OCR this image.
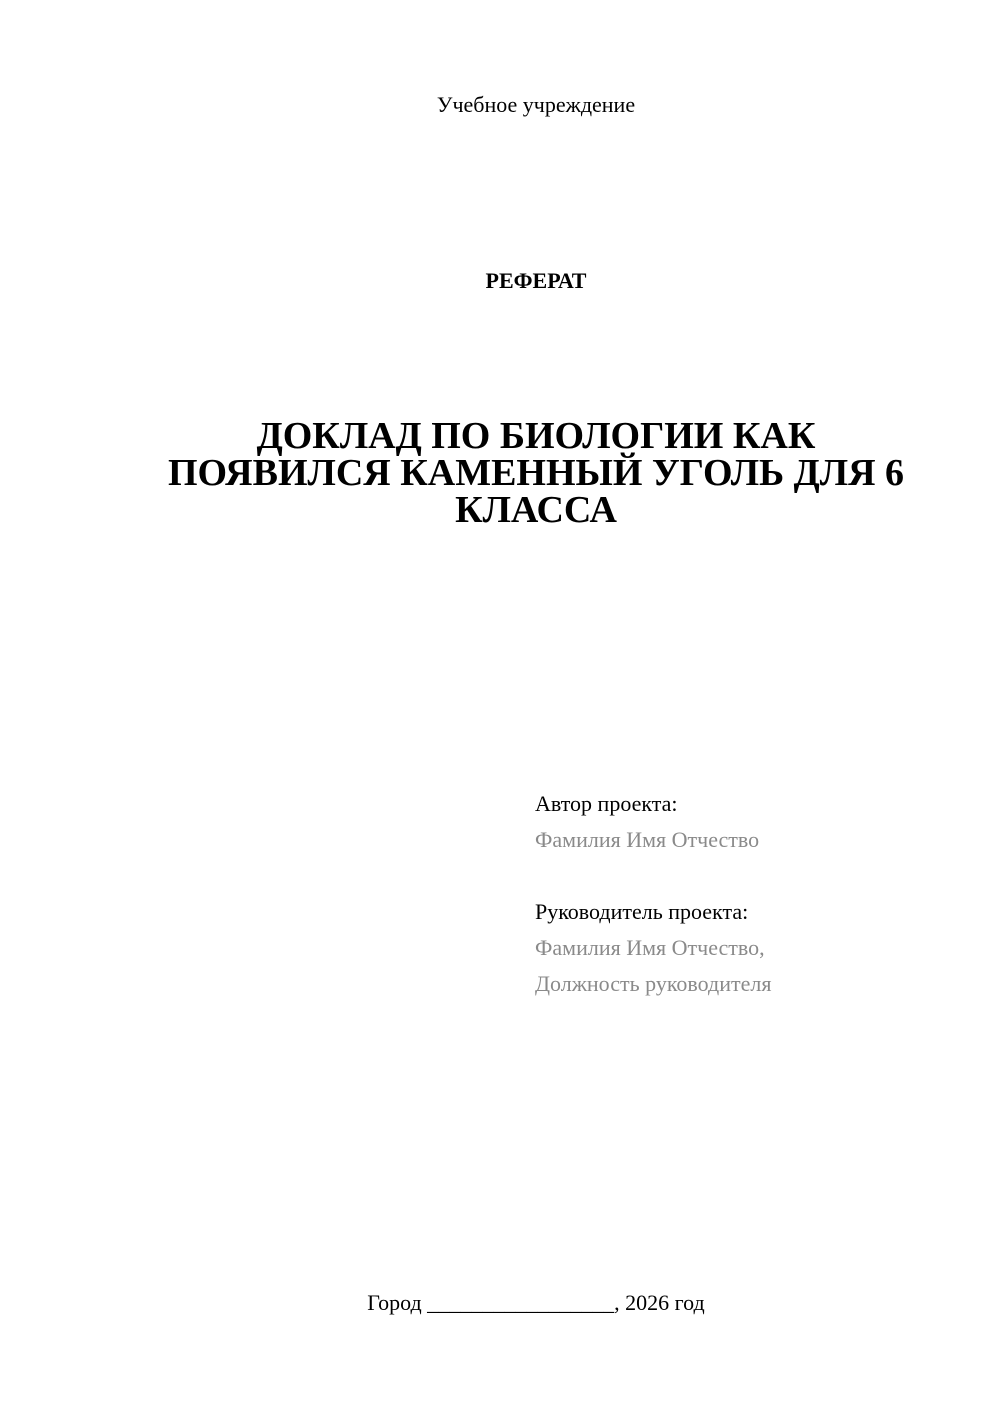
Учебное учреждение
РЕФЕРАТ
ДОКЛАД ПО БИОЛОГИИ КАК
ПОЯВИЛСЯ КАМЕННЫЙ УГОЛЬ ДЛЯ 6
КЛАССА
Автор проекта:
Фамилия Имя Отчество
Руководитель проекта:
Фамилия Имя Отчество,
Должность руководителя
Город _________________, 2026 год
